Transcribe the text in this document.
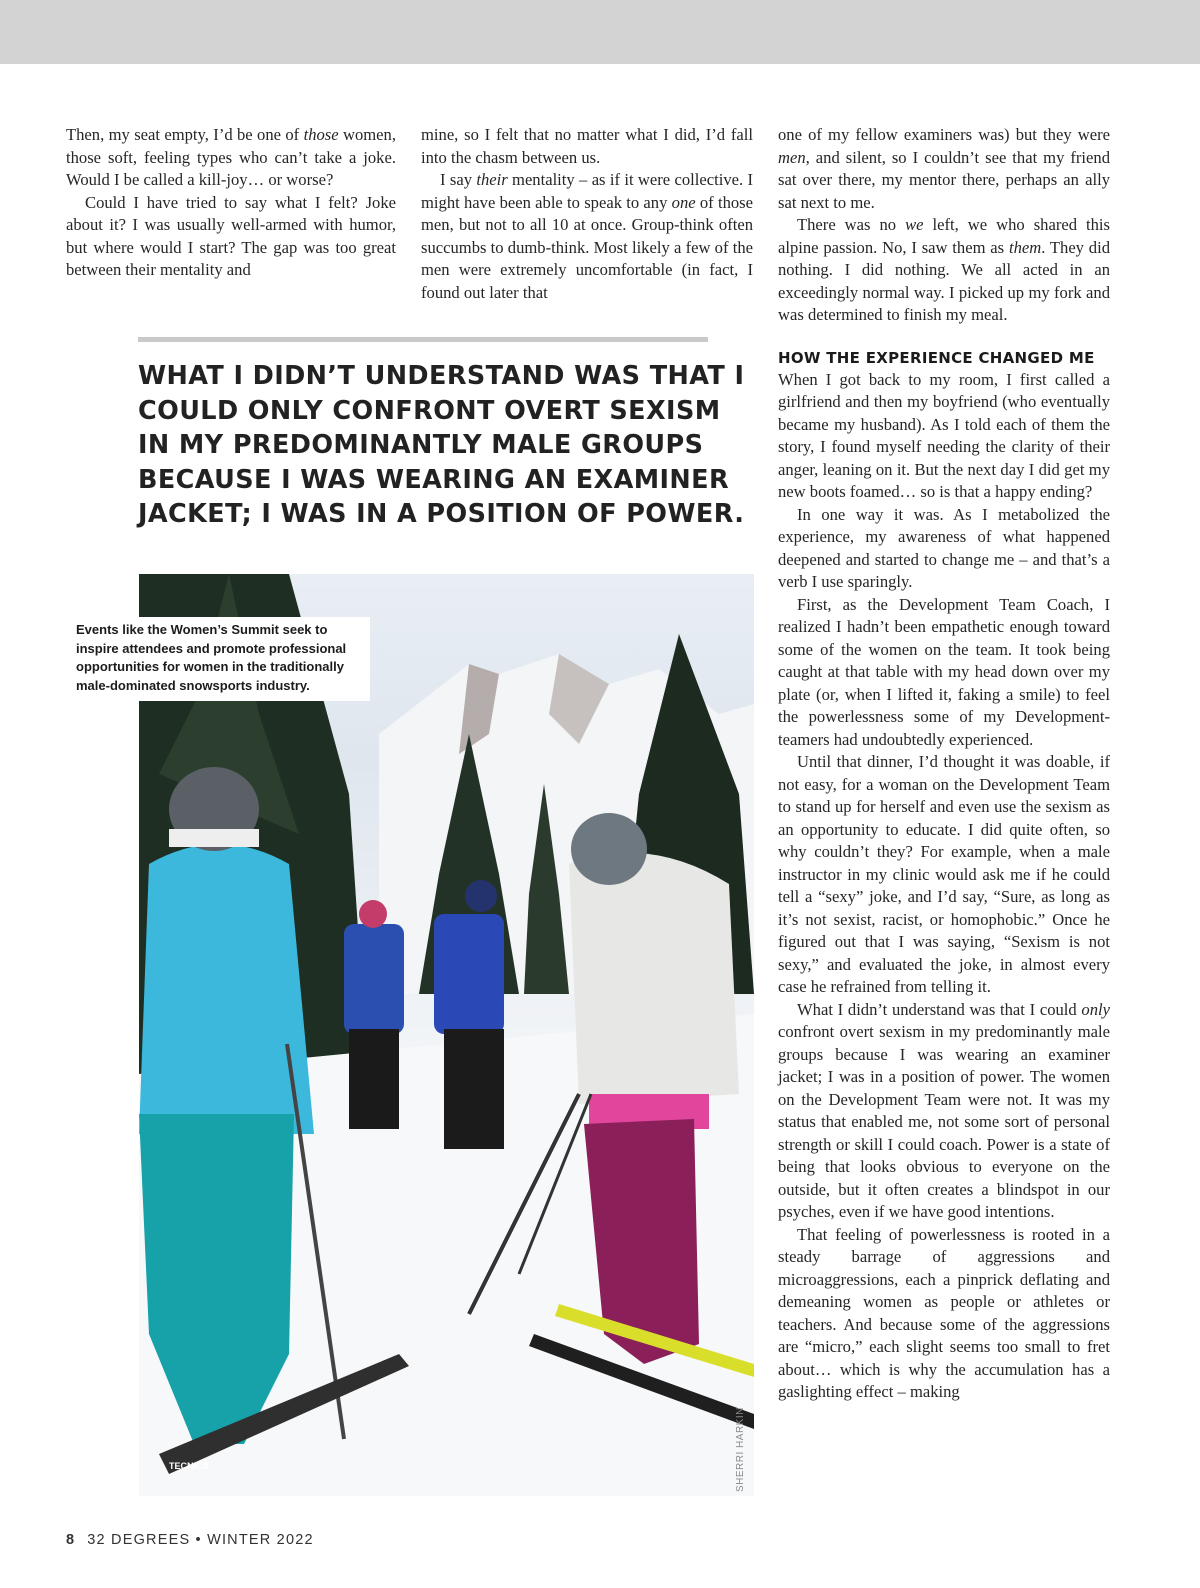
Then, my seat empty, I’d be one of those women, those soft, feeling types who can’t take a joke. Would I be called a kill-joy… or worse?

Could I have tried to say what I felt? Joke about it? I was usually well-armed with humor, but where would I start? The gap was too great between their mentality and

mine, so I felt that no matter what I did, I’d fall into the chasm between us.

I say their mentality – as if it were collective. I might have been able to speak to any one of those men, but not to all 10 at once. Group-think often succumbs to dumb-think. Most likely a few of the men were extremely uncomfortable (in fact, I found out later that

one of my fellow examiners was) but they were men, and silent, so I couldn’t see that my friend sat over there, my mentor there, perhaps an ally sat next to me.

There was no we left, we who shared this alpine passion. No, I saw them as them. They did nothing. I did nothing. We all acted in an exceedingly normal way. I picked up my fork and was determined to finish my meal.

HOW THE EXPERIENCE CHANGED ME

When I got back to my room, I first called a girlfriend and then my boyfriend (who eventually became my husband). As I told each of them the story, I found myself needing the clarity of their anger, leaning on it. But the next day I did get my new boots foamed… so is that a happy ending?

In one way it was. As I metabolized the experience, my awareness of what happened deepened and started to change me – and that’s a verb I use sparingly.

First, as the Development Team Coach, I realized I hadn’t been empathetic enough toward some of the women on the team. It took being caught at that table with my head down over my plate (or, when I lifted it, faking a smile) to feel the powerlessness some of my Development-teamers had undoubtedly experienced.

Until that dinner, I’d thought it was doable, if not easy, for a woman on the Development Team to stand up for herself and even use the sexism as an opportunity to educate. I did quite often, so why couldn’t they? For example, when a male instructor in my clinic would ask me if he could tell a “sexy” joke, and I’d say, “Sure, as long as it’s not sexist, racist, or homophobic.” Once he figured out that I was saying, “Sexism is not sexy,” and evaluated the joke, in almost every case he refrained from telling it.

What I didn’t understand was that I could only confront overt sexism in my predominantly male groups because I was wearing an examiner jacket; I was in a position of power. The women on the Development Team were not. It was my status that enabled me, not some sort of personal strength or skill I could coach. Power is a state of being that looks obvious to everyone on the outside, but it often creates a blindspot in our psyches, even if we have good intentions.

That feeling of powerlessness is rooted in a steady barrage of aggressions and microaggressions, each a pinprick deflating and demeaning women as people or athletes or teachers. And because some of the aggressions are “micro,” each slight seems too small to fret about… which is why the accumulation has a gaslighting effect – making

WHAT I DIDN’T UNDERSTAND WAS THAT I COULD ONLY CONFRONT OVERT SEXISM IN MY PREDOMINANTLY MALE GROUPS BECAUSE I WAS WEARING AN EXAMINER JACKET; I WAS IN A POSITION OF POWER.
TECNICA
Events like the Women’s Summit seek to inspire attendees and promote professional opportunities for women in the traditionally male-dominated snowsports industry.
SHERRI HARKIN
8 32 DEGREES • WINTER 2022
